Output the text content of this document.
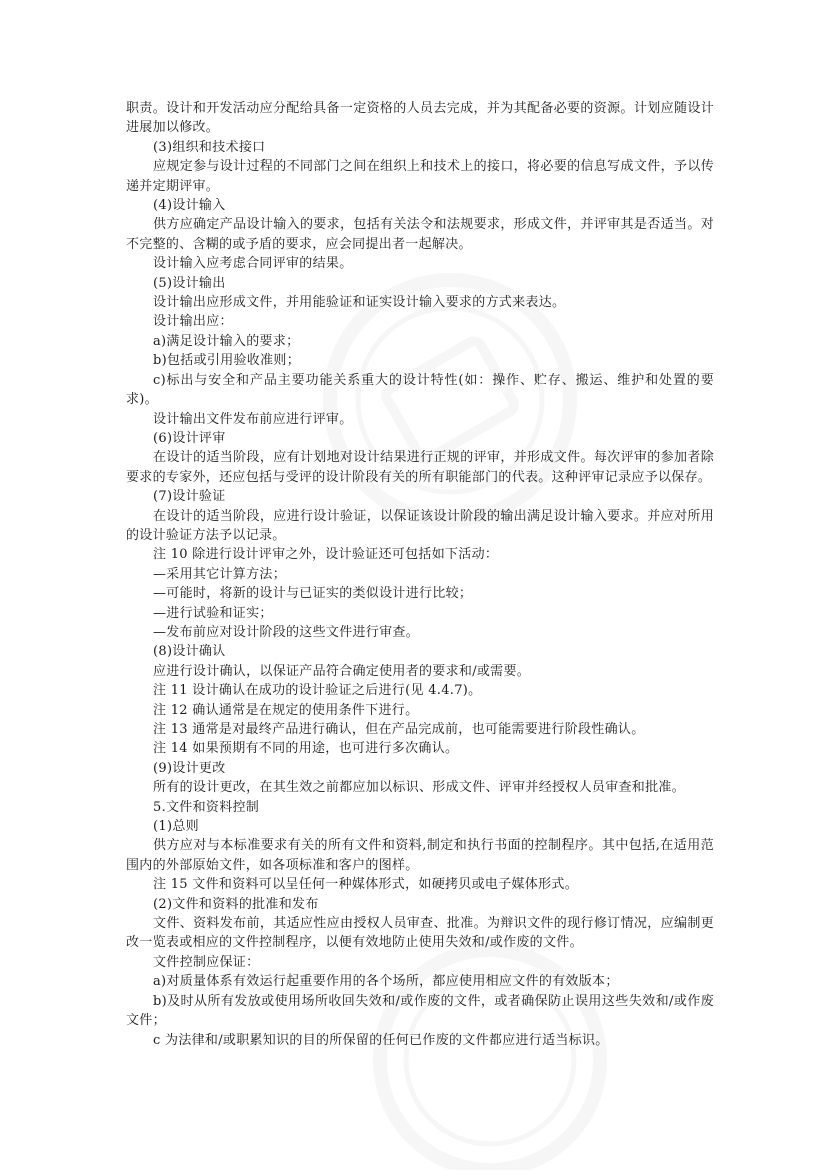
职责。设计和开发活动应分配给具备一定资格的人员去完成，并为其配备必要的资源。计划应随设计进展加以修改。

(3)组织和技术接口

应规定参与设计过程的不同部门之间在组织上和技术上的接口，将必要的信息写成文件，予以传递并定期评审。

(4)设计输入

供方应确定产品设计输入的要求，包括有关法令和法规要求，形成文件，并评审其是否适当。对不完整的、含糊的或予盾的要求，应会同提出者一起解决。

设计输入应考虑合同评审的结果。

(5)设计输出

设计输出应形成文件，并用能验证和证实设计输入要求的方式来表达。

设计输出应：

a)满足设计输入的要求；

b)包括或引用验收准则；

c)标出与安全和产品主要功能关系重大的设计特性(如：操作、贮存、搬运、维护和处置的要求)。

设计输出文件发布前应进行评审。

(6)设计评审

在设计的适当阶段，应有计划地对设计结果进行正规的评审，并形成文件。每次评审的参加者除要求的专家外，还应包括与受评的设计阶段有关的所有职能部门的代表。这种评审记录应予以保存。

(7)设计验证

在设计的适当阶段，应进行设计验证，以保证该设计阶段的输出满足设计输入要求。并应对所用的设计验证方法予以记录。

注 10 除进行设计评审之外，设计验证还可包括如下活动：

—采用其它计算方法；

—可能时，将新的设计与已证实的类似设计进行比较；

—进行试验和证实；

—发布前应对设计阶段的这些文件进行审查。

(8)设计确认

应进行设计确认，以保证产品符合确定使用者的要求和/或需要。

注 11 设计确认在成功的设计验证之后进行(见 4.4.7)。

注 12 确认通常是在规定的使用条件下进行。

注 13 通常是对最终产品进行确认，但在产品完成前，也可能需要进行阶段性确认。

注 14 如果预期有不同的用途，也可进行多次确认。

(9)设计更改

所有的设计更改，在其生效之前都应加以标识、形成文件、评审并经授权人员审查和批准。

5.文件和资料控制

(1)总则

供方应对与本标准要求有关的所有文件和资料,制定和执行书面的控制程序。其中包括,在适用范围内的外部原始文件，如各项标准和客户的图样。

注 15 文件和资料可以呈任何一种媒体形式，如硬拷贝或电子媒体形式。

(2)文件和资料的批准和发布

文件、资料发布前，其适应性应由授权人员审查、批准。为辩识文件的现行修订情况，应编制更改一览表或相应的文件控制程序，以便有效地防止使用失效和/或作废的文件。

文件控制应保证：

a)对质量体系有效运行起重要作用的各个场所，都应使用相应文件的有效版本；

b)及时从所有发放或使用场所收回失效和/或作废的文件，或者确保防止误用这些失效和/或作废文件；

c 为法律和/或职累知识的目的所保留的任何已作废的文件都应进行适当标识。
